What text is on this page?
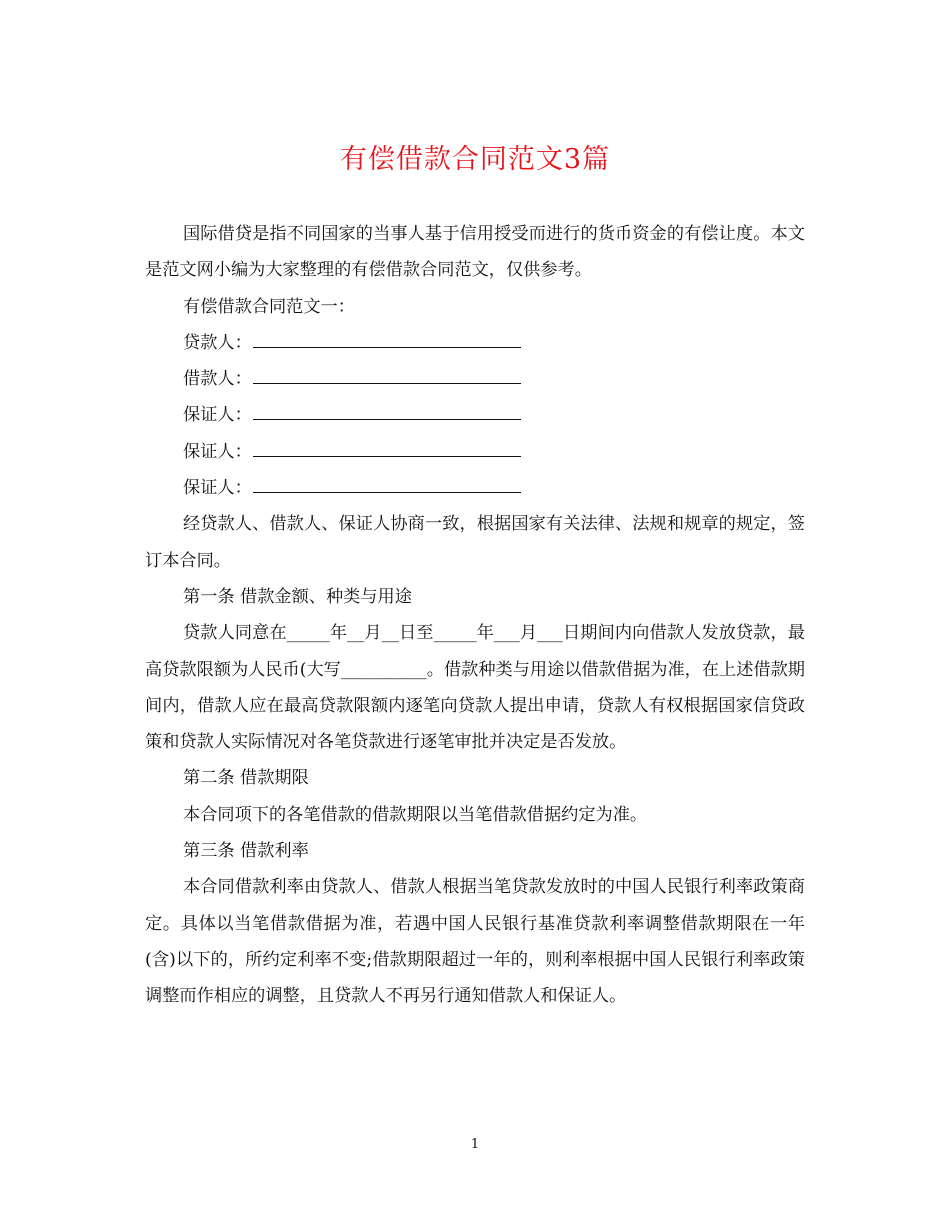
有偿借款合同范文3篇

国际借贷是指不同国家的当事人基于信用授受而进行的货币资金的有偿让度。本文是范文网小编为大家整理的有偿借款合同范文，仅供参考。

有偿借款合同范文一：

贷款人：
借款人：
保证人：
保证人：
保证人：

经贷款人、借款人、保证人协商一致，根据国家有关法律、法规和规章的规定，签订本合同。

第一条 借款金额、种类与用途

贷款人同意在_____年__月__日至_____年___月___日期间内向借款人发放贷款，最高贷款限额为人民币(大写__________。借款种类与用途以借款借据为准，在上述借款期间内，借款人应在最高贷款限额内逐笔向贷款人提出申请，贷款人有权根据国家信贷政策和贷款人实际情况对各笔贷款进行逐笔审批并决定是否发放。

第二条 借款期限

本合同项下的各笔借款的借款期限以当笔借款借据约定为准。

第三条 借款利率

本合同借款利率由贷款人、借款人根据当笔贷款发放时的中国人民银行利率政策商定。具体以当笔借款借据为准，若遇中国人民银行基准贷款利率调整借款期限在一年(含)以下的，所约定利率不变;借款期限超过一年的，则利率根据中国人民银行利率政策调整而作相应的调整，且贷款人不再另行通知借款人和保证人。

1
